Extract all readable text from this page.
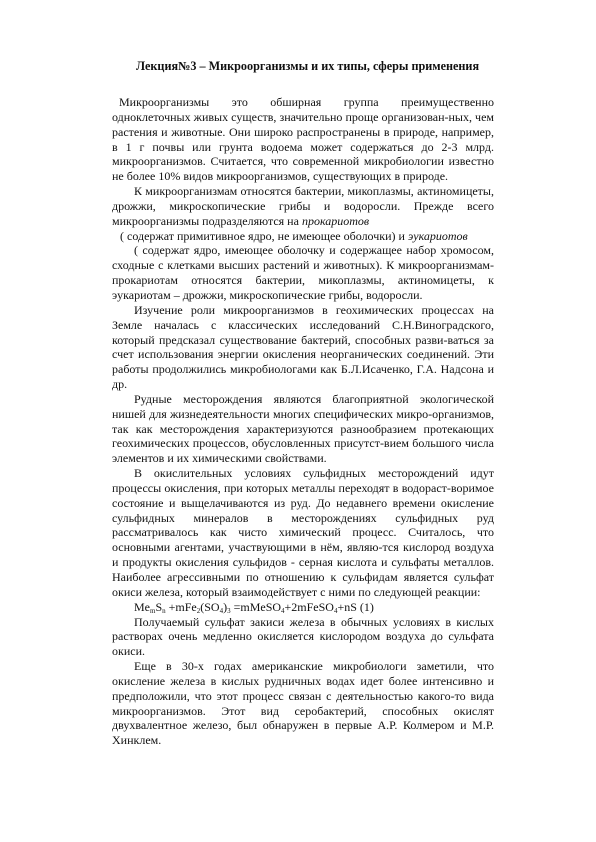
Лекция№3 – Микроорганизмы и их типы, сферы применения

Микроорганизмы это обширная группа преимущественно одноклеточных живых существ, значительно проще организован-ных, чем растения и животные. Они широко распространены в природе, например, в 1 г почвы или грунта водоема может содержаться до 2-3 млрд. микроорганизмов. Считается, что современной микробиологии известно не более 10% видов микроорганизмов, существующих в природе.

К микроорганизмам относятся бактерии, микоплазмы, актиномицеты, дрожжи, микроскопические грибы и водоросли. Прежде всего микроорганизмы подразделяются на прокариотов

( содержат примитивное ядро, не имеющее оболочки) и эукариотов

( содержат ядро, имеющее оболочку и содержащее набор хромосом, сходные с клетками высших растений и животных). К микроорганизмам-прокариотам относятся бактерии, микоплазмы, актиномицеты, к эукариотам – дрожжи, микроскопические грибы, водоросли.

Изучение роли микроорганизмов в геохимических процессах на Земле началась с классических исследований С.Н.Виноградского, который предсказал существование бактерий, способных разви-ваться за счет использования энергии окисления неорганических соединений. Эти работы продолжились микробиологами как Б.Л.Исаченко, Г.А. Надсона и др.

Рудные месторождения являются благоприятной экологической нишей для жизнедеятельности многих специфических микро-организмов, так как месторождения характеризуются разнообразием протекающих геохимических процессов, обусловленных присутст-вием большого числа элементов и их химическими свойствами.

В окислительных условиях сульфидных месторождений идут процессы окисления, при которых металлы переходят в водораст-воримое состояние и выщелачиваются из руд. До недавнего времени окисление сульфидных минералов в месторождениях сульфидных руд рассматривалось как чисто химический процесс. Считалось, что основными агентами, участвующими в нём, являю-тся кислород воздуха и продукты окисления сульфидов - серная кислота и сульфаты металлов. Наиболее агрессивными по отношению к сульфидам является сульфат окиси железа, который взаимодействует с ними по следующей реакции:

$Me_mS_n +mFe_2(SO_4)_3$ =mMeSO$_4$+2mFeSO$_4$+nS (1)

Получаемый сульфат закиси железа в обычных условиях в кислых растворах очень медленно окисляется кислородом воздуха до сульфата окиси.

Еще в 30-х годах американские микробиологи заметили, что окисление железа в кислых рудничных водах идет более интенсивно и предположили, что этот процесс связан с деятельностью какого-то вида микроорганизмов. Этот вид серобактерий, способных окислят двухвалентное железо, был обнаружен в первые А.Р. Колмером и М.Р. Хинклем.
